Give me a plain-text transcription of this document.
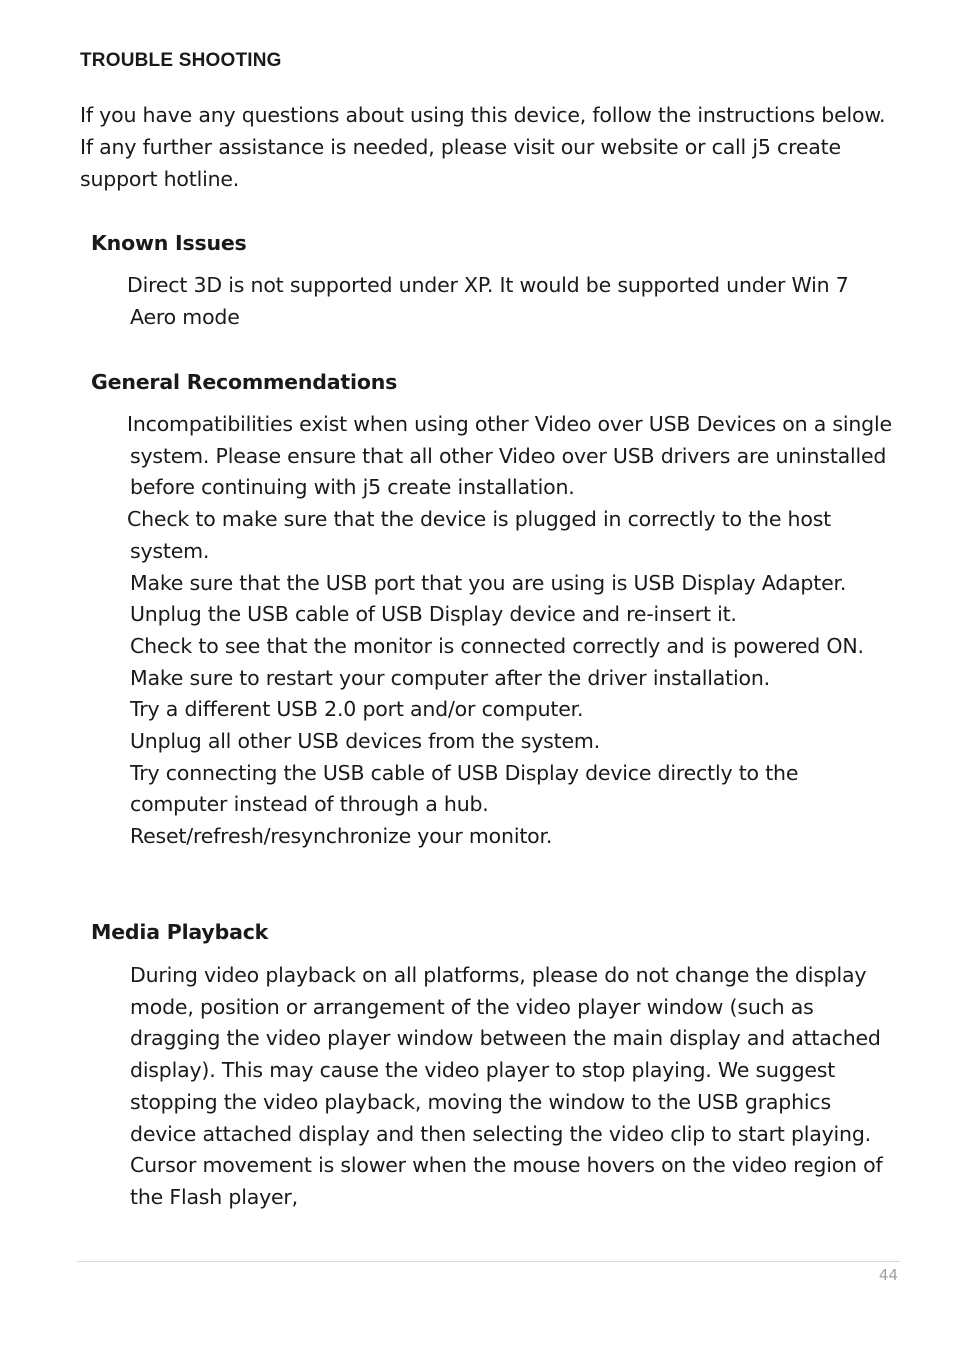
TROUBLE SHOOTING

If you have any questions about using this device, follow the instructions below. If any further assistance is needed, please visit our website or call j5 create support hotline.

Known Issues
Direct 3D is not supported under XP. It would be supported under Win 7 Aero mode
General Recommendations
Incompatibilities exist when using other Video over USB Devices on a single system. Please ensure that all other Video over USB drivers are uninstalled before continuing with j5 create installation.
Check to make sure that the device is plugged in correctly to the host system.
Make sure that the USB port that you are using is USB Display Adapter.
Unplug the USB cable of USB Display device and re-insert it.
Check to see that the monitor is connected correctly and is powered ON.
Make sure to restart your computer after the driver installation.
Try a different USB 2.0 port and/or computer.
Unplug all other USB devices from the system.
Try connecting the USB cable of USB Display device directly to the computer instead of through a hub.
Reset/refresh/resynchronize your monitor.
Media Playback
During video playback on all platforms, please do not change the display mode, position or arrangement of the video player window (such as dragging the video player window between the main display and attached display). This may cause the video player to stop playing. We suggest stopping the video playback, moving the window to the USB graphics device attached display and then selecting the video clip to start playing.
Cursor movement is slower when the mouse hovers on the video region of the Flash player,
44
